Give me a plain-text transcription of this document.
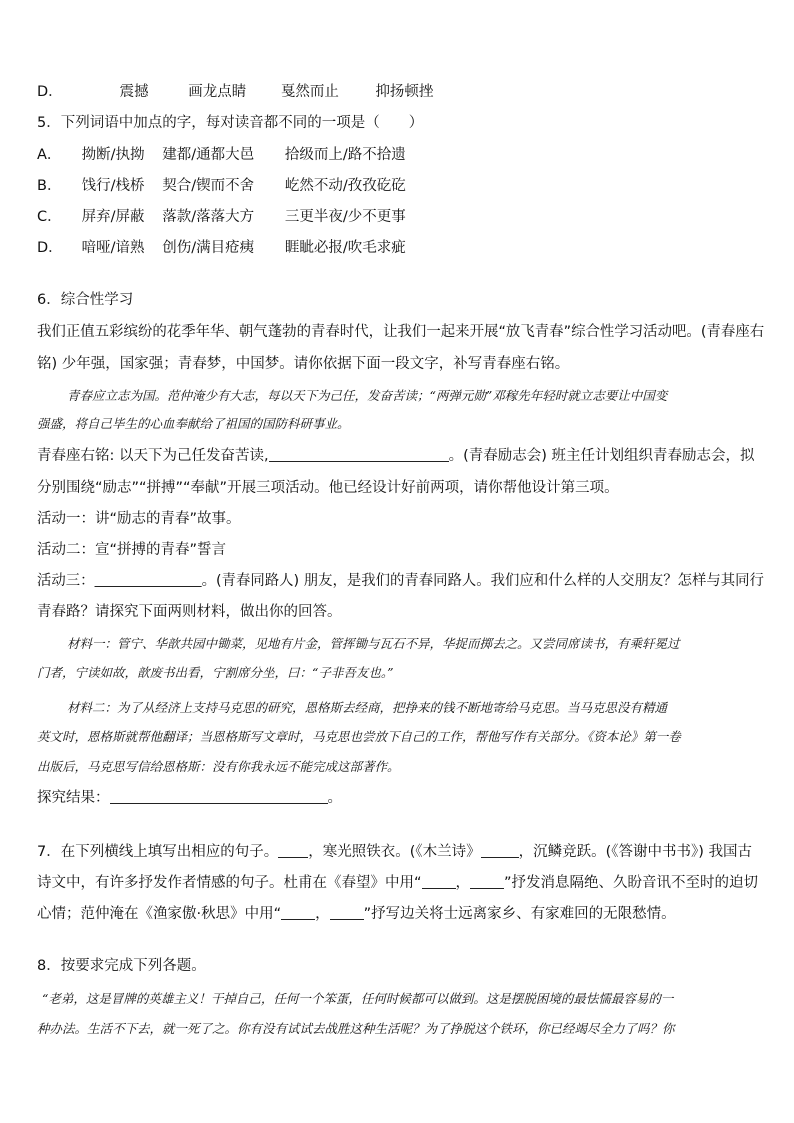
D．	震撼	画龙点睛 戛然而止	抑扬顿挫
5．下列词语中加点的字，每对读音都不同的一项是（　　）
A． 拗断/执拗 建都/通都大邑 拾级而上/路不拾遗
B． 饯行/栈桥 契合/锲而不舍 屹然不动/孜孜矻矻
C． 屏弃/屏蔽 落款/落落大方 三更半夜/少不更事
D． 喑哑/谙熟 创伤/满目疮痍 睚眦必报/吹毛求疵
6．综合性学习
我们正值五彩缤纷的花季年华、朝气蓬勃的青春时代，让我们一起来开展“放飞青春”综合性学习活动吧。(青春座右
铭) 少年强，国家强；青春梦，中国梦。请你依据下面一段文字，补写青春座右铭。
青春应立志为国。范仲淹少有大志，每以天下为己任，发奋苦读；“两弹元勋”邓稼先年轻时就立志要让中国变
强盛，将自己毕生的心血奉献给了祖国的国防科研事业。
青春座右铭: 以天下为己任发奋苦读,	。(青春励志会) 班主任计划组织青春励志会，拟
分别围绕“励志”“拼搏”“奉献”开展三项活动。他已经设计好前两项，请你帮他设计第三项。
活动一：讲“励志的青春”故事。
活动二：宣“拼搏的青春”誓言
活动三：	。(青春同路人) 朋友，是我们的青春同路人。我们应和什么样的人交朋友？怎样与其同行
青春路？请探究下面两则材料，做出你的回答。
材料一：管宁、华歆共园中锄菜，见地有片金，管挥锄与瓦石不异，华捉而掷去之。又尝同席读书，有乘轩冕过
门者，宁读如故，歆废书出看，宁割席分坐，曰：“子非吾友也。”
材料二：为了从经济上支持马克思的研究，恩格斯去经商，把挣来的钱不断地寄给马克思。当马克思没有精通
英文时，恩格斯就帮他翻译；当恩格斯写文章时，马克思也尝放下自己的工作，帮他写作有关部分。《资本论》第一卷
出版后，马克思写信给恩格斯：没有你我永远不能完成这部著作。
探究结果：	。
7．在下列横线上填写出相应的句子。 ，寒光照铁衣。(《木兰诗》	，沉鳞竞跃。(《答谢中书书》) 我国古
诗文中，有许多抒发作者情感的句子。杜甫在《春望》中用“ ， ”抒发消息隔绝、久盼音讯不至时的迫切
心情；范仲淹在《渔家傲·秋思》中用“ ， ”抒写边关将士远离家乡、有家难回的无限愁情。
8．按要求完成下列各题。
“老弟，这是冒牌的英雄主义！干掉自己，任何一个笨蛋，任何时候都可以做到。这是摆脱困境的最怯懦最容易的一
种办法。生活不下去，就一死了之。你有没有试试去战胜这种生活呢？为了挣脱这个铁环，你已经竭尽全力了吗？你
